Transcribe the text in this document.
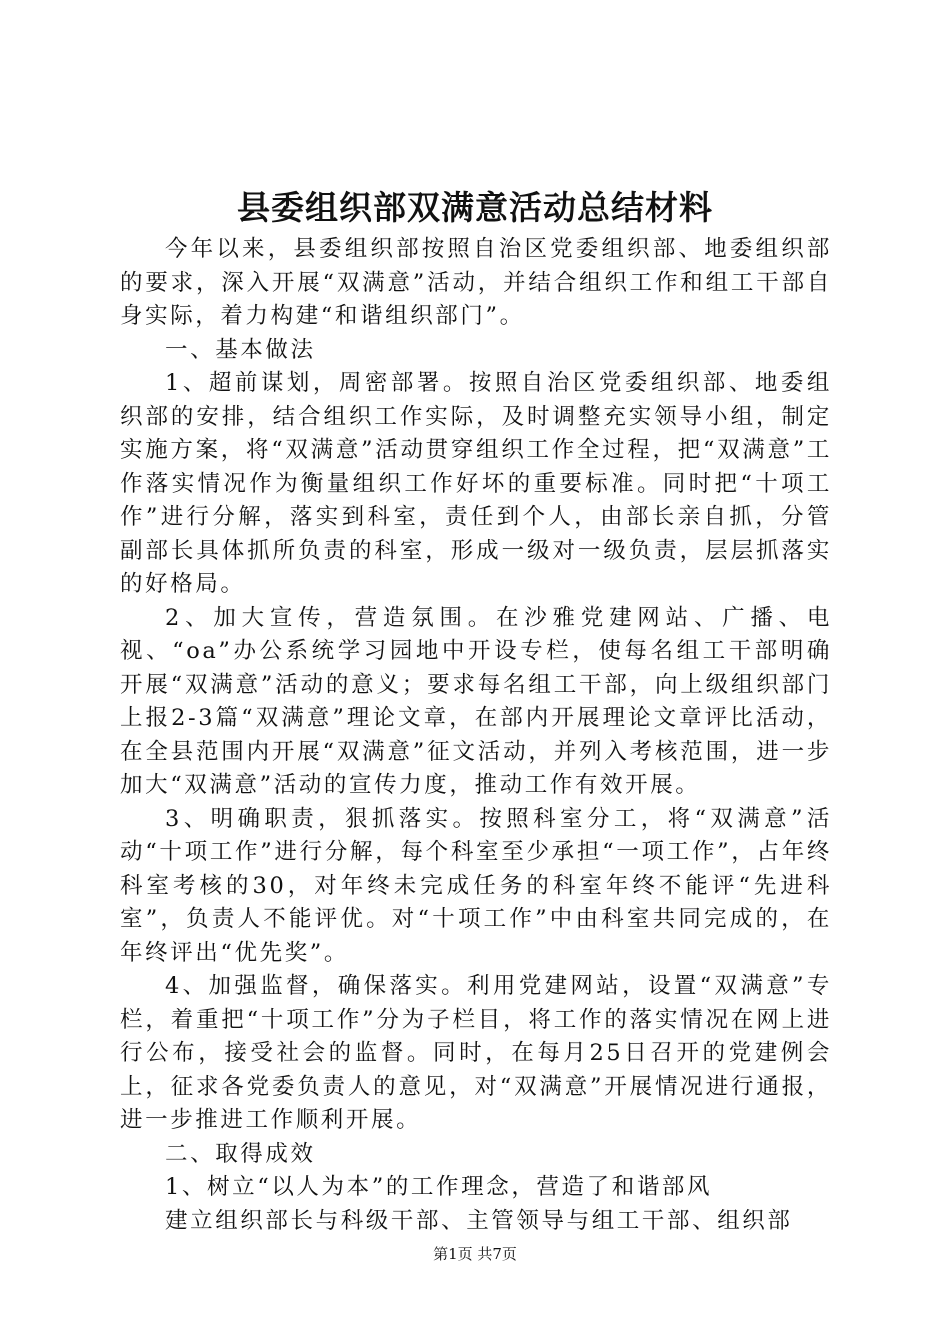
县委组织部双满意活动总结材料

今年以来，县委组织部按照自治区党委组织部、地委组织部的要求，深入开展“双满意”活动，并结合组织工作和组工干部自身实际，着力构建“和谐组织部门”。

一、基本做法

1、超前谋划，周密部署。按照自治区党委组织部、地委组织部的安排，结合组织工作实际，及时调整充实领导小组，制定实施方案，将“双满意”活动贯穿组织工作全过程，把“双满意”工作落实情况作为衡量组织工作好坏的重要标准。同时把“十项工作”进行分解，落实到科室，责任到个人，由部长亲自抓，分管副部长具体抓所负责的科室，形成一级对一级负责，层层抓落实的好格局。

2、加大宣传，营造氛围。在沙雅党建网站、广播、电视、“oa”办公系统学习园地中开设专栏，使每名组工干部明确开展“双满意”活动的意义；要求每名组工干部，向上级组织部门上报2-3篇“双满意”理论文章，在部内开展理论文章评比活动，在全县范围内开展“双满意”征文活动，并列入考核范围，进一步加大“双满意”活动的宣传力度，推动工作有效开展。

3、明确职责，狠抓落实。按照科室分工，将“双满意”活动“十项工作”进行分解，每个科室至少承担“一项工作”，占年终科室考核的30，对年终未完成任务的科室年终不能评“先进科室”，负责人不能评优。对“十项工作”中由科室共同完成的，在年终评出“优先奖”。

4、加强监督，确保落实。利用党建网站，设置“双满意”专栏，着重把“十项工作”分为子栏目，将工作的落实情况在网上进行公布，接受社会的监督。同时，在每月25日召开的党建例会上，征求各党委负责人的意见，对“双满意”开展情况进行通报，进一步推进工作顺利开展。

二、取得成效

1、树立“以人为本”的工作理念，营造了和谐部风

建立组织部长与科级干部、主管领导与组工干部、组织部

第1页 共7页
